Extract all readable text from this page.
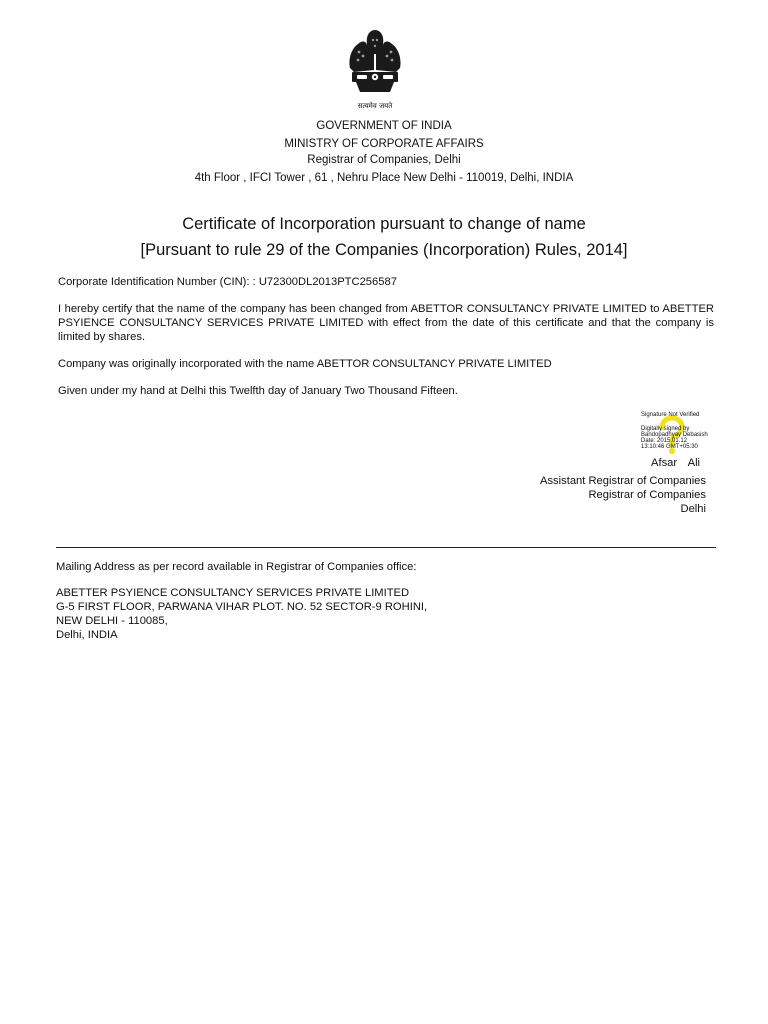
सत्यमेव जयते
GOVERNMENT OF INDIA
MINISTRY OF CORPORATE AFFAIRS
Registrar of Companies, Delhi
4th Floor , IFCI Tower , 61 , Nehru Place New Delhi - 110019, Delhi, INDIA
Certificate of Incorporation pursuant to change of name
[Pursuant to rule 29 of the Companies (Incorporation) Rules, 2014]
Corporate Identification Number (CIN): : U72300DL2013PTC256587
I hereby certify that the name of the company has been changed from ABETTOR CONSULTANCY PRIVATE LIMITED to ABETTER PSYIENCE CONSULTANCY SERVICES PRIVATE LIMITED with effect from the date of this certificate and that the company is limited by shares.
Company was originally incorporated with the name ABETTOR CONSULTANCY PRIVATE LIMITED
Given under my hand at Delhi this Twelfth day of January Two Thousand Fifteen.
Signature Not Verified
Digitally signed by
Bandopadhyay Debasish
Date: 2015.01.12
13:10:46 GMT+05:30
Afsar Ali
Assistant Registrar of Companies
Registrar of Companies
Delhi
Mailing Address as per record available in Registrar of Companies office:
ABETTER PSYIENCE CONSULTANCY SERVICES PRIVATE LIMITED
G-5 FIRST FLOOR, PARWANA VIHAR PLOT. NO. 52 SECTOR-9 ROHINI,
NEW DELHI - 110085,
Delhi, INDIA
